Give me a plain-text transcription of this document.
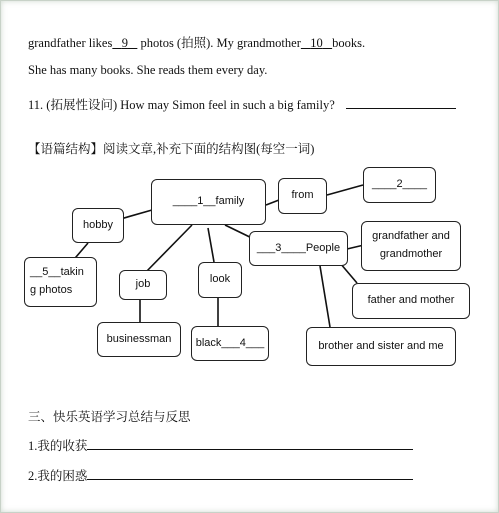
grandfather likes 9 photos (拍照). My grandmother 10 books.
She has many books. She reads them every day.
11. (拓展性设问) How may Simon feel in such a big family?
【语篇结构】阅读文章,补充下面的结构图(每空一词)
____1__family	from
____2____
hobby
___3____People
grandfather and
grandmother
__5__takin
g photos	job	look
father and mother
businessman	black___4___	brother and sister and me
三、快乐英语学习总结与反思
1.我的收获
2.我的困惑
